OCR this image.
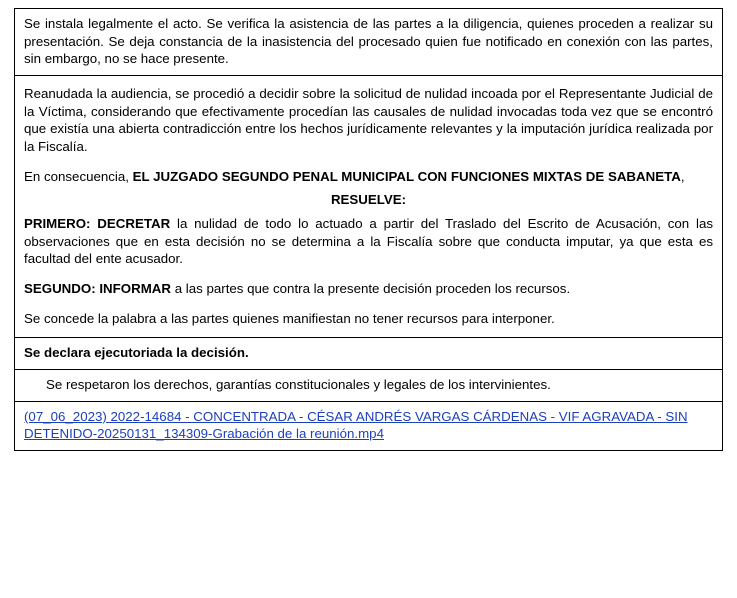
Se instala legalmente el acto. Se verifica la asistencia de las partes a la diligencia, quienes proceden a realizar su presentación. Se deja constancia de la inasistencia del procesado quien fue notificado en conexión con las partes, sin embargo, no se hace presente.

Reanudada la audiencia, se procedió a decidir sobre la solicitud de nulidad incoada por el Representante Judicial de la Víctima, considerando que efectivamente procedían las causales de nulidad invocadas toda vez que se encontró que existía una abierta contradicción entre los hechos jurídicamente relevantes y la imputación jurídica realizada por la Fiscalía.

En consecuencia, EL JUZGADO SEGUNDO PENAL MUNICIPAL CON FUNCIONES MIXTAS DE SABANETA,

RESUELVE:

PRIMERO: DECRETAR la nulidad de todo lo actuado a partir del Traslado del Escrito de Acusación, con las observaciones que en esta decisión no se determina a la Fiscalía sobre que conducta imputar, ya que esta es facultad del ente acusador.

SEGUNDO: INFORMAR a las partes que contra la presente decisión proceden los recursos.

Se concede la palabra a las partes quienes manifiestan no tener recursos para interponer.

Se declara ejecutoriada la decisión.

Se respetaron los derechos, garantías constitucionales y legales de los intervinientes.

(07_06_2023) 2022-14684 - CONCENTRADA - CÉSAR ANDRÉS VARGAS CÁRDENAS - VIF AGRAVADA - SIN DETENIDO-20250131_134309-Grabación de la reunión.mp4
